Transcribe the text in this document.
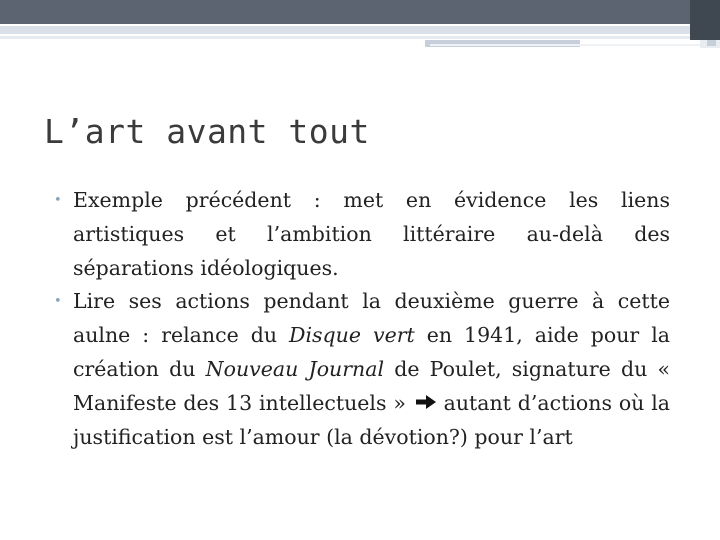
L’art avant tout
• Exemple précédent : met en évidence les liens artistiques et l’ambition littéraire au-delà des séparations idéologiques.
• Lire ses actions pendant la deuxième guerre à cette aulne : relance du Disque vert en 1941, aide pour la création du Nouveau Journal de Poulet, signature du « Manifeste des 13 intellectuels »  autant d’actions où la justification est l’amour (la dévotion?) pour l’art
